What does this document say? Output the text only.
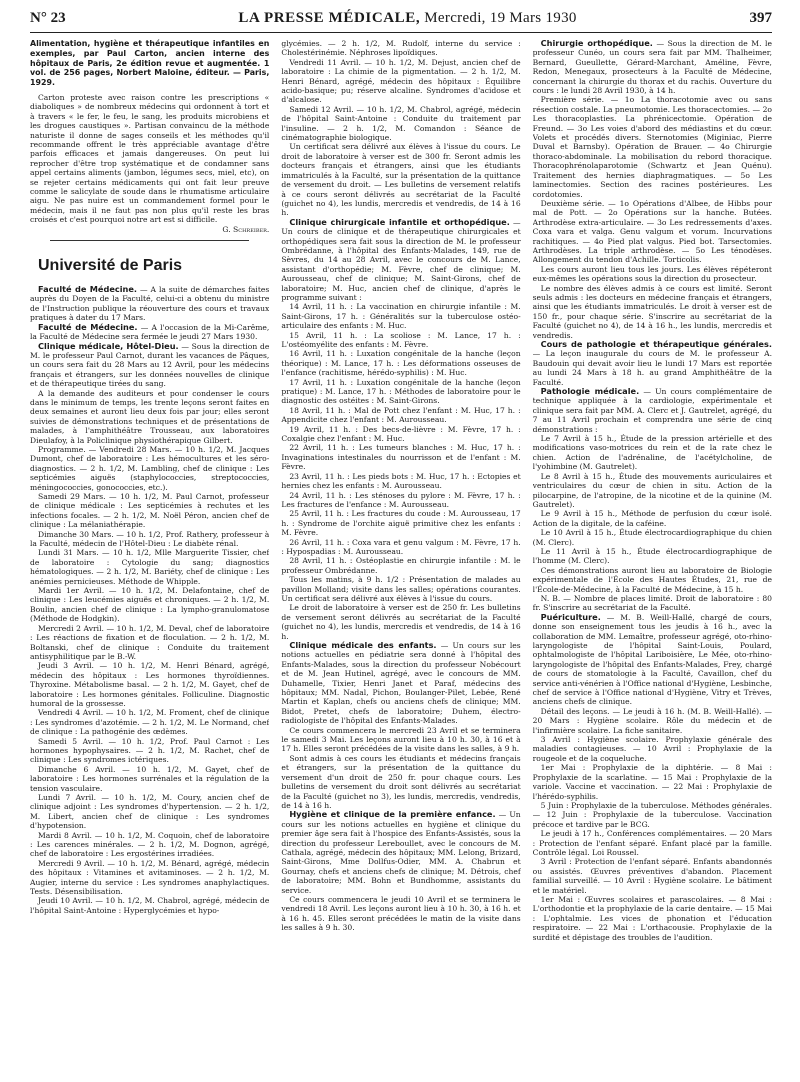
N° 23	LA PRESSE MÉDICALE, Mercredi, 19 Mars 1930	397

Alimentation, hygiène et thérapeutique infantiles en exemples, par Paul Carton, ancien interne des hôpitaux de Paris, 2e édition revue et augmentée. 1 vol. de 256 pages, Norbert Maloine, éditeur. — Paris, 1929.

Carton proteste avec raison contre les prescriptions « diaboliques » de nombreux médecins qui ordonnent à tort et à travers « le fer, le feu, le sang, les produits microbiens et les drogues caustiques ». Partisan convaincu de la méthode naturiste il donne de sages conseils et les méthodes qu'il recommande offrent le très appréciable avantage d'être parfois efficaces et jamais dangereuses. On peut lui reprocher d'être trop systématique et de condamner sans appel certains aliments (jambon, légumes secs, miel, etc), on se rejeter certains médicaments qui ont fait leur preuve comme le salicylate de soude dans le rhumatisme articulaire aigu. Ne pas nuire est un commandement formel pour le médecin, mais il ne faut pas non plus qu'il reste les bras croisés et c'est pourquoi notre art est si difficile.

G. Schreiber.

Université de Paris

Faculté de Médecine. — A la suite de démarches faites auprès du Doyen de la Faculté, celui-ci a obtenu du ministre de l'Instruction publique la réouverture des cours et travaux pratiques à dater du 17 Mars.

Faculté de Médecine. — A l'occasion de la Mi-Carême, la Faculté de Médecine sera fermée le jeudi 27 Mars 1930.

Clinique médicale, Hôtel-Dieu. — Sous la direction de M. le professeur Paul Carnot, durant les vacances de Pâques, un cours sera fait du 28 Mars au 12 Avril, pour les médecins français et étrangers, sur les données nouvelles de clinique et de thérapeutique tirées du sang.

A la demande des auditeurs et pour condenser le cours dans le minimum de temps, les trente leçons seront faites en deux semaines et auront lieu deux fois par jour; elles seront suivies de démonstrations techniques et de présentations de malades, à l'amphithéâtre Trousseau, aux laboratoires Dieulafoy, à la Policlinique physiothérapique Gilbert.

Programme. — Vendredi 28 Mars. — 10 h. 1/2, M. Jacques Dumont, chef de laboratoire : Les hémocultures et les séro-diagnostics. — 2 h. 1/2, M. Lambling, chef de clinique : Les septicémies aiguës (staphylococcies, streptococcies, méningococcies, gonococcies, etc.).

Samedi 29 Mars. — 10 h. 1/2, M. Paul Carnot, professeur de clinique médicale : Les septicémies à rechutes et les infections focales. — 2 h. 1/2, M. Noël Péron, ancien chef de clinique : La mélaniathérapie.

Dimanche 30 Mars. — 10 h. 1/2, Prof. Rathery, professeur à la Faculté, médecin de l'Hôtel-Dieu : Le diabète rénal.

Lundi 31 Mars. — 10 h. 1/2, Mlle Marguerite Tissier, chef de laboratoire : Cytologie du sang; diagnostics hématologiques. — 2 h. 1/2, M. Bariéty, chef de clinique : Les anémies pernicieuses. Méthode de Whipple.

Mardi 1er Avril. — 10 h. 1/2, M. Delafontaine, chef de clinique : Les leucémies aiguës et chroniques. — 2 h. 1/2, M. Boulin, ancien chef de clinique : La lympho-granulomatose (Méthode de Hodgkin).

Mercredi 2 Avril. — 10 h. 1/2, M. Deval, chef de laboratoire : Les réactions de fixation et de floculation. — 2 h. 1/2, M. Boltanski, chef de clinique : Conduite du traitement antisyphilitique par le B.-W.

Jeudi 3 Avril. — 10 h. 1/2, M. Henri Bénard, agrégé, médecin des hôpitaux : Les hormones thyroïdiennes. Thyroxine. Métabolisme basal. — 2 h. 1/2, M. Gayet, chef de laboratoire : Les hormones génitales. Folliculine. Diagnostic humoral de la grossesse.

Vendredi 4 Avril. — 10 h. 1/2, M. Froment, chef de clinique : Les syndromes d'azotémie. — 2 h. 1/2, M. Le Normand, chef de clinique : La pathogénie des œdèmes.

Samedi 5 Avril. — 10 h. 1/2, Prof. Paul Carnot : Les hormones hypophysaires. — 2 h. 1/2, M. Rachet, chef de clinique : Les syndromes ictériques.

Dimanche 6 Avril. — 10 h. 1/2, M. Gayet, chef de laboratoire : Les hormones surrénales et la régulation de la tension vasculaire.

Lundi 7 Avril. — 10 h. 1/2, M. Coury, ancien chef de clinique adjoint : Les syndromes d'hypertension. — 2 h. 1/2, M. Libert, ancien chef de clinique : Les syndromes d'hypotension.

Mardi 8 Avril. — 10 h. 1/2, M. Coquoin, chef de laboratoire : Les carences minérales. — 2 h. 1/2, M. Dognon, agrégé, chef de laboratoire : Les ergostérines irradiées.

Mercredi 9 Avril. — 10 h. 1/2, M. Bénard, agrégé, médecin des hôpitaux : Vitamines et avitaminoses. — 2 h. 1/2, M. Augier, interne du service : Les syndromes anaphylactiques. Tests. Désensibilisation.

Jeudi 10 Avril. — 10 h. 1/2, M. Chabrol, agrégé, médecin de l'hôpital Saint-Antoine : Hyperglycémies et hypo-

glycémies. — 2 h. 1/2, M. Rudolf, interne du service : Cholestérinémie. Néphroses lipoïdiques.

Vendredi 11 Avril. — 10 h. 1/2, M. Dejust, ancien chef de laboratoire : La chimie de la pigmentation. — 2 h. 1/2, M. Henri Bénard, agrégé, médecin des hôpitaux : Équilibre acido-basique; pu; réserve alcaline. Syndromes d'acidose et d'alcalose.

Samedi 12 Avril. — 10 h. 1/2, M. Chabrol, agrégé, médecin de l'hôpital Saint-Antoine : Conduite du traitement par l'insuline. — 2 h. 1/2, M. Comandon : Séance de cinématographie biologique.

Un certificat sera délivré aux élèves à l'issue du cours. Le droit de laboratoire à verser est de 300 fr. Seront admis les docteurs français et étrangers, ainsi que les étudiants immatriculés à la Faculté, sur la présentation de la quittance de versement du droit. — Les bulletins de versement relatifs à ce cours seront délivrés au secrétariat de la Faculté (guichet no 4), les lundis, mercredis et vendredis, de 14 à 16 h.

Clinique chirurgicale infantile et orthopédique. — Un cours de clinique et de thérapeutique chirurgicales et orthopédiques sera fait sous la direction de M. le professeur Ombrédanne, à l'hôpital des Enfants-Malades, 149, rue de Sèvres, du 14 au 28 Avril, avec le concours de M. Lance, assistant d'orthopédie; M. Fèvre, chef de clinique; M. Aurousseau, chef de clinique; M. Saint-Girons, chef de laboratoire; M. Huc, ancien chef de clinique, d'après le programme suivant :

14 Avril, 11 h. : La vaccination en chirurgie infantile : M. Saint-Girons, 17 h. : Généralités sur la tuberculose ostéo-articulaire des enfants : M. Huc.

15 Avril, 11 h. : La scoliose : M. Lance, 17 h. : L'ostéomyélite des enfants : M. Fèvre.

16 Avril, 11 h. : Luxation congénitale de la hanche (leçon théorique) : M. Lance, 17 h. : Les déformations osseuses de l'enfance (rachitisme, hérédo-syphilis) : M. Huc.

17 Avril, 11 h. : Luxation congénitale de la hanche (leçon pratique) : M. Lance, 17 h. : Méthodes de laboratoire pour le diagnostic des ostéites : M. Saint-Girons.

18 Avril, 11 h. : Mal de Pott chez l'enfant : M. Huc, 17 h. : Appendicite chez l'enfant : M. Aurousseau.

19 Avril, 11 h. : Des becs-de-lièvre : M. Fèvre, 17 h. : Coxalgie chez l'enfant : M. Huc.

22 Avril, 11 h. : Les tumeurs blanches : M. Huc, 17 h. : Invaginations intestinales du nourrisson et de l'enfant : M. Fèvre.

23 Avril, 11 h. : Les pieds bots : M. Huc, 17 h. : Ectopies et hernies chez les enfants : M. Aurousseau.

24 Avril, 11 h. : Les sténoses du pylore : M. Fèvre, 17 h. : Les fractures de l'enfance : M. Aurousseau.

25 Avril, 11 h. : Les fractures du coude : M. Aurousseau, 17 h. : Syndrome de l'orchite aiguë primitive chez les enfants : M. Fèvre.

26 Avril, 11 h. : Coxa vara et genu valgum : M. Fèvre, 17 h. : Hypospadias : M. Aurousseau.

28 Avril, 11 h. : Ostéoplastie en chirurgie infantile : M. le professeur Ombrédanne.

Tous les matins, à 9 h. 1/2 : Présentation de malades au pavillon Molland; visite dans les salles; opérations courantes. Un certificat sera délivré aux élèves à l'issue du cours.

Le droit de laboratoire à verser est de 250 fr. Les bulletins de versement seront délivrés au secrétariat de la Faculté (guichet no 4), les lundis, mercredis et vendredis, de 14 à 16 h.

Clinique médicale des enfants. — Un cours sur les notions actuelles en pédiatrie sera donné à l'hôpital des Enfants-Malades, sous la direction du professeur Nobécourt et de M. Jean Hutinel, agrégé, avec le concours de MM. Duhamelle, Tixier, Henri Janet et Paraf, médecins des hôpitaux; MM. Nadal, Pichon, Boulanger-Pilet, Lebée, René Martin et Kaplan, chefs ou anciens chefs de clinique; MM. Bidot, Pretet, chefs de laboratoire; Duhem, électro-radiologiste de l'hôpital des Enfants-Malades.

Ce cours commencera le mercredi 23 Avril et se terminera le samedi 3 Mai. Les leçons auront lieu à 10 h. 30, à 16 et à 17 h. Elles seront précédées de la visite dans les salles, à 9 h.

Sont admis à ces cours les étudiants et médecins français et étrangers, sur la présentation de la quittance du versement d'un droit de 250 fr. pour chaque cours. Les bulletins de versement du droit sont délivrés au secrétariat de la Faculté (guichet no 3), les lundis, mercredis, vendredis, de 14 à 16 h.

Hygiène et clinique de la première enfance. — Un cours sur les notions actuelles en hygiène et clinique du premier âge sera fait à l'hospice des Enfants-Assistés, sous la direction du professeur Lereboullet, avec le concours de M. Cathala, agrégé, médecin des hôpitaux; MM. Lelong, Brizard, Saint-Girons, Mme Dollfus-Odier, MM. A. Chabrun et Gournay, chefs et anciens chefs de clinique; M. Détrois, chef de laboratoire; MM. Bohn et Bundhomme, assistants du service.

Ce cours commencera le jeudi 10 Avril et se terminera le vendredi 18 Avril. Les leçons auront lieu à 10 h. 30, à 16 h. et à 16 h. 45. Elles seront précédées le matin de la visite dans les salles à 9 h. 30.

Chirurgie orthopédique. — Sous la direction de M. le professeur Cunéo, un cours sera fait par MM. Thalheimer, Bernard, Gueullette, Gérard-Marchant, Améline, Fèvre, Redon, Menegaux, prosecteurs à la Faculté de Médecine, concernant la chirurgie du thorax et du rachis. Ouverture du cours : le lundi 28 Avril 1930, à 14 h.

Première série. — 1o La thoracotomie avec ou sans résection costale. La pneumotomie. Les thoracectomies. — 2o Les thoracoplasties. La phrénicectomie. Opération de Freund. — 3o Les voies d'abord des médiastins et du cœur. Volets et procédés divers. Sternotomies (Miginiac, Pierre Duval et Barnsby). Opération de Brauer. — 4o Chirurgie thoraco-abdominale. La mobilisation du rebord thoracique. Thoracophrénolaparotomie (Schwartz et Jean Quénu). Traitement des hernies diaphragmatiques. — 5o Les laminectomies. Section des racines postérieures. Les cordotomies.

Deuxième série. — 1o Opérations d'Albee, de Hibbs pour mal de Pott. — 2o Opérations sur la hanche. Butées. Arthrodèse extra-articulaire. — 3o Les redressements d'axes. Coxa vara et valga. Genu valgum et vorum. Incurvations rachitiques. — 4o Pied plat valgus. Pied bot. Tarsectomies. Arthrodèses. La triple arthrodèse. — 5o Les ténodèses. Allongement du tendon d'Achille. Torticolis.

Les cours auront lieu tous les jours. Les élèves répéteront eux-mêmes les opérations sous la direction du prosecteur.

Le nombre des élèves admis à ce cours est limité. Seront seuls admis : les docteurs en médecine français et étrangers, ainsi que les étudiants immatriculés. Le droit à verser est de 150 fr., pour chaque série. S'inscrire au secrétariat de la Faculté (guichet no 4), de 14 à 16 h., les lundis, mercredis et vendredis.

Cours de pathologie et thérapeutique générales. — La leçon inaugurale du cours de M. le professeur A. Baudouin qui devait avoir lieu le lundi 17 Mars est reportée au lundi 24 Mars à 18 h. au grand Amphithéâtre de la Faculté.

Pathologie médicale. — Un cours complémentaire de technique appliquée à la cardiologie, expérimentale et clinique sera fait par MM. A. Clerc et J. Gautrelet, agrégé, du 7 au 11 Avril prochain et comprendra une série de cinq démonstrations :

Le 7 Avril à 15 h., Étude de la pression artérielle et des modifications vaso-motrices du rein et de la rate chez le chien. Action de l'adrénaline, de l'acétylcholine, de l'yohimbine (M. Gautrelet).

Le 8 Avril à 15 h., Étude des mouvements auriculaires et ventriculaires du cœur de chien in situ. Action de la pilocarpine, de l'atropine, de la nicotine et de la quinine (M. Gautrelet).

Le 9 Avril à 15 h., Méthode de perfusion du cœur isolé. Action de la digitale, de la caféine.

Le 10 Avril à 15 h., Étude électrocardiographique du chien (M. Clerc).

Le 11 Avril à 15 h., Étude électrocardiographique de l'homme (M. Clerc).

Ces démonstrations auront lieu au laboratoire de Biologie expérimentale de l'École des Hautes Études, 21, rue de l'École-de-Médecine, à la Faculté de Médecine, à 15 h.

N. B. — Nombre de places limité. Droit de laboratoire : 80 fr. S'inscrire au secrétariat de la Faculté.

Puériculture. — M. B. Weill-Hallé, chargé de cours, donne son enseignement tous les jeudis à 16 h., avec la collaboration de MM. Lemaître, professeur agrégé, oto-rhino-laryngologiste de l'hôpital Saint-Louis, Poulard, ophtalmologiste de l'hôpital Lariboisière, Le Mée, oto-rhino-laryngologiste de l'hôpital des Enfants-Malades, Frey, chargé de cours de stomatologie à la Faculté, Cavaillon, chef du service anti-vénérien à l'Office national d'Hygiène, Lesbinche, chef de service à l'Office national d'Hygiène, Vitry et Trèves, anciens chefs de clinique.

Détail des leçons. — Le jeudi à 16 h. (M. B. Weill-Hallé). — 20 Mars : Hygiène scolaire. Rôle du médecin et de l'infirmière scolaire. La fiche sanitaire.

3 Avril : Hygiène scolaire. Prophylaxie générale des maladies contagieuses. — 10 Avril : Prophylaxie de la rougeole et de la coqueluche.

1er Mai : Prophylaxie de la diphtérie. — 8 Mai : Prophylaxie de la scarlatine. — 15 Mai : Prophylaxie de la variole. Vaccine et vaccination. — 22 Mai : Prophylaxie de l'hérédo-syphilis.

5 Juin : Prophylaxie de la tuberculose. Méthodes générales. — 12 Juin : Prophylaxie de la tuberculose. Vaccination précoce et tardive par le BCG.

Le jeudi à 17 h., Conférences complémentaires. — 20 Mars : Protection de l'enfant séparé. Enfant placé par la famille. Contrôle légal. Loi Roussel.

3 Avril : Protection de l'enfant séparé. Enfants abandonnés ou assistés. Œuvres préventives d'abandon. Placement familial surveillé. — 10 Avril : Hygiène scolaire. Le bâtiment et le matériel.

1er Mai : Œuvres scolaires et parascolaires. — 8 Mai : L'orthodontie et la prophylaxie de la carie dentaire. — 15 Mai : L'ophtalmie. Les vices de phonation et l'éducation respiratoire. — 22 Mai : L'orthacousie. Prophylaxie de la surdité et dépistage des troubles de l'audition.
